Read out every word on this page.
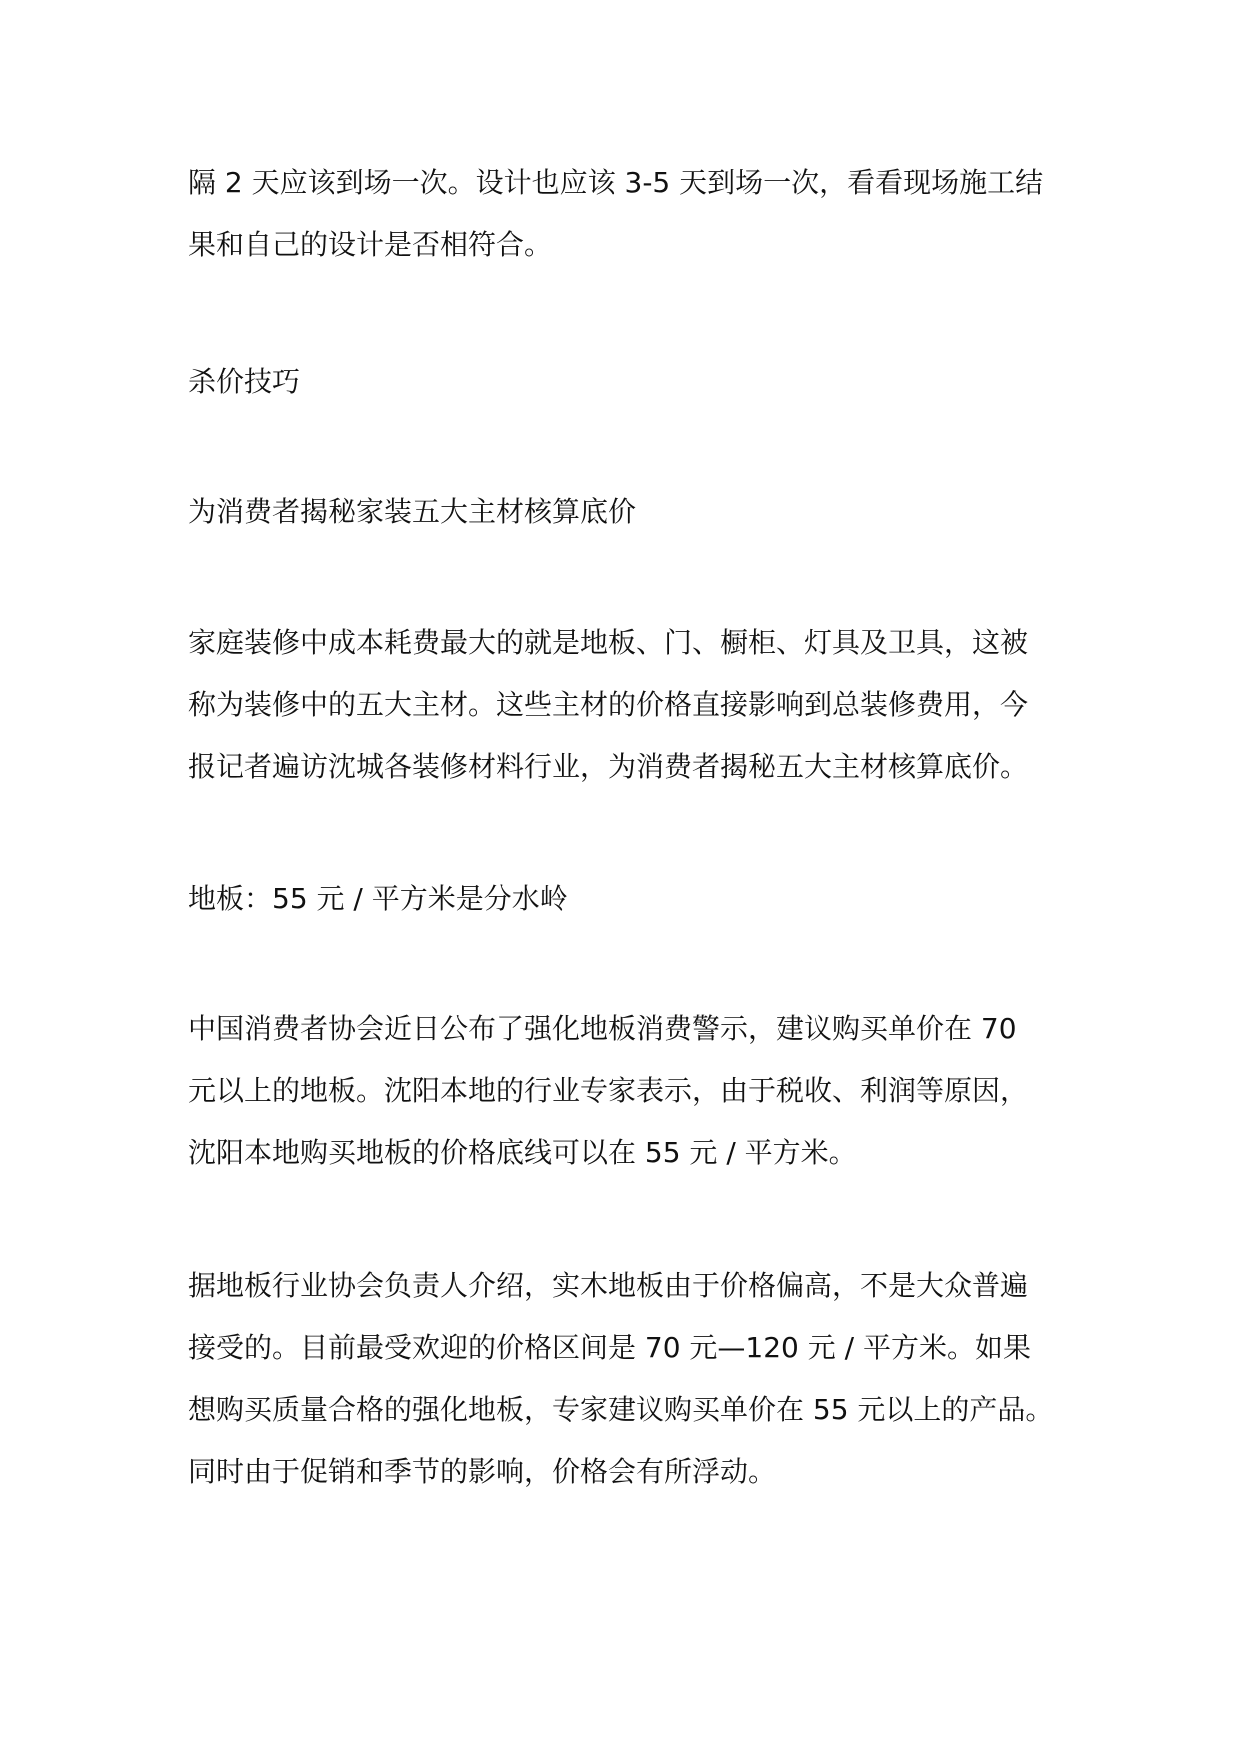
隔 2 天应该到场一次。设计也应该 3-5 天到场一次，看看现场施工结
果和自己的设计是否相符合。

杀价技巧

为消费者揭秘家装五大主材核算底价

家庭装修中成本耗费最大的就是地板、门、橱柜、灯具及卫具，这被
称为装修中的五大主材。这些主材的价格直接影响到总装修费用，今
报记者遍访沈城各装修材料行业，为消费者揭秘五大主材核算底价。

地板：55 元 / 平方米是分水岭

中国消费者协会近日公布了强化地板消费警示，建议购买单价在 70
元以上的地板。沈阳本地的行业专家表示，由于税收、利润等原因，
沈阳本地购买地板的价格底线可以在 55 元 / 平方米。

据地板行业协会负责人介绍，实木地板由于价格偏高，不是大众普遍
接受的。目前最受欢迎的价格区间是 70 元—120 元 / 平方米。如果
想购买质量合格的强化地板，专家建议购买单价在 55 元以上的产品。
同时由于促销和季节的影响，价格会有所浮动。
